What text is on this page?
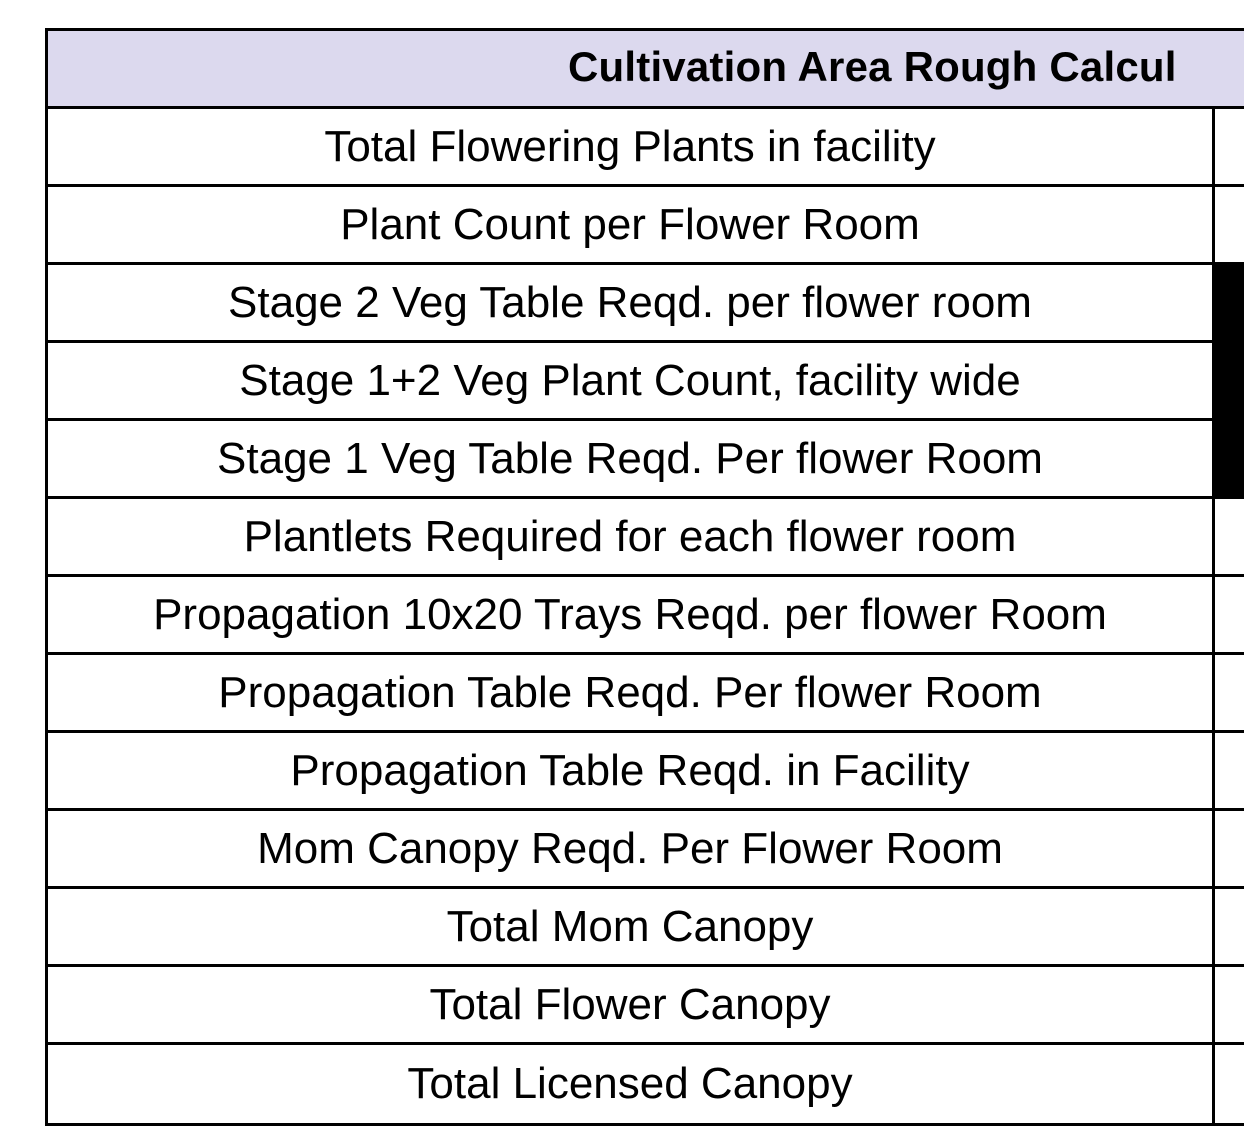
Cultivation Area Rough Calcul
Total Flowering Plants in facility
Plant Count per Flower Room
Stage 2 Veg Table Reqd. per flower room
Stage 1+2 Veg Plant Count, facility wide
Stage 1 Veg Table Reqd. Per flower Room
Plantlets Required for each flower room
Propagation 10x20 Trays Reqd. per flower Room
Propagation Table Reqd. Per flower Room
Propagation Table Reqd. in Facility
Mom Canopy Reqd. Per Flower Room
Total Mom Canopy
Total Flower Canopy
Total Licensed Canopy
